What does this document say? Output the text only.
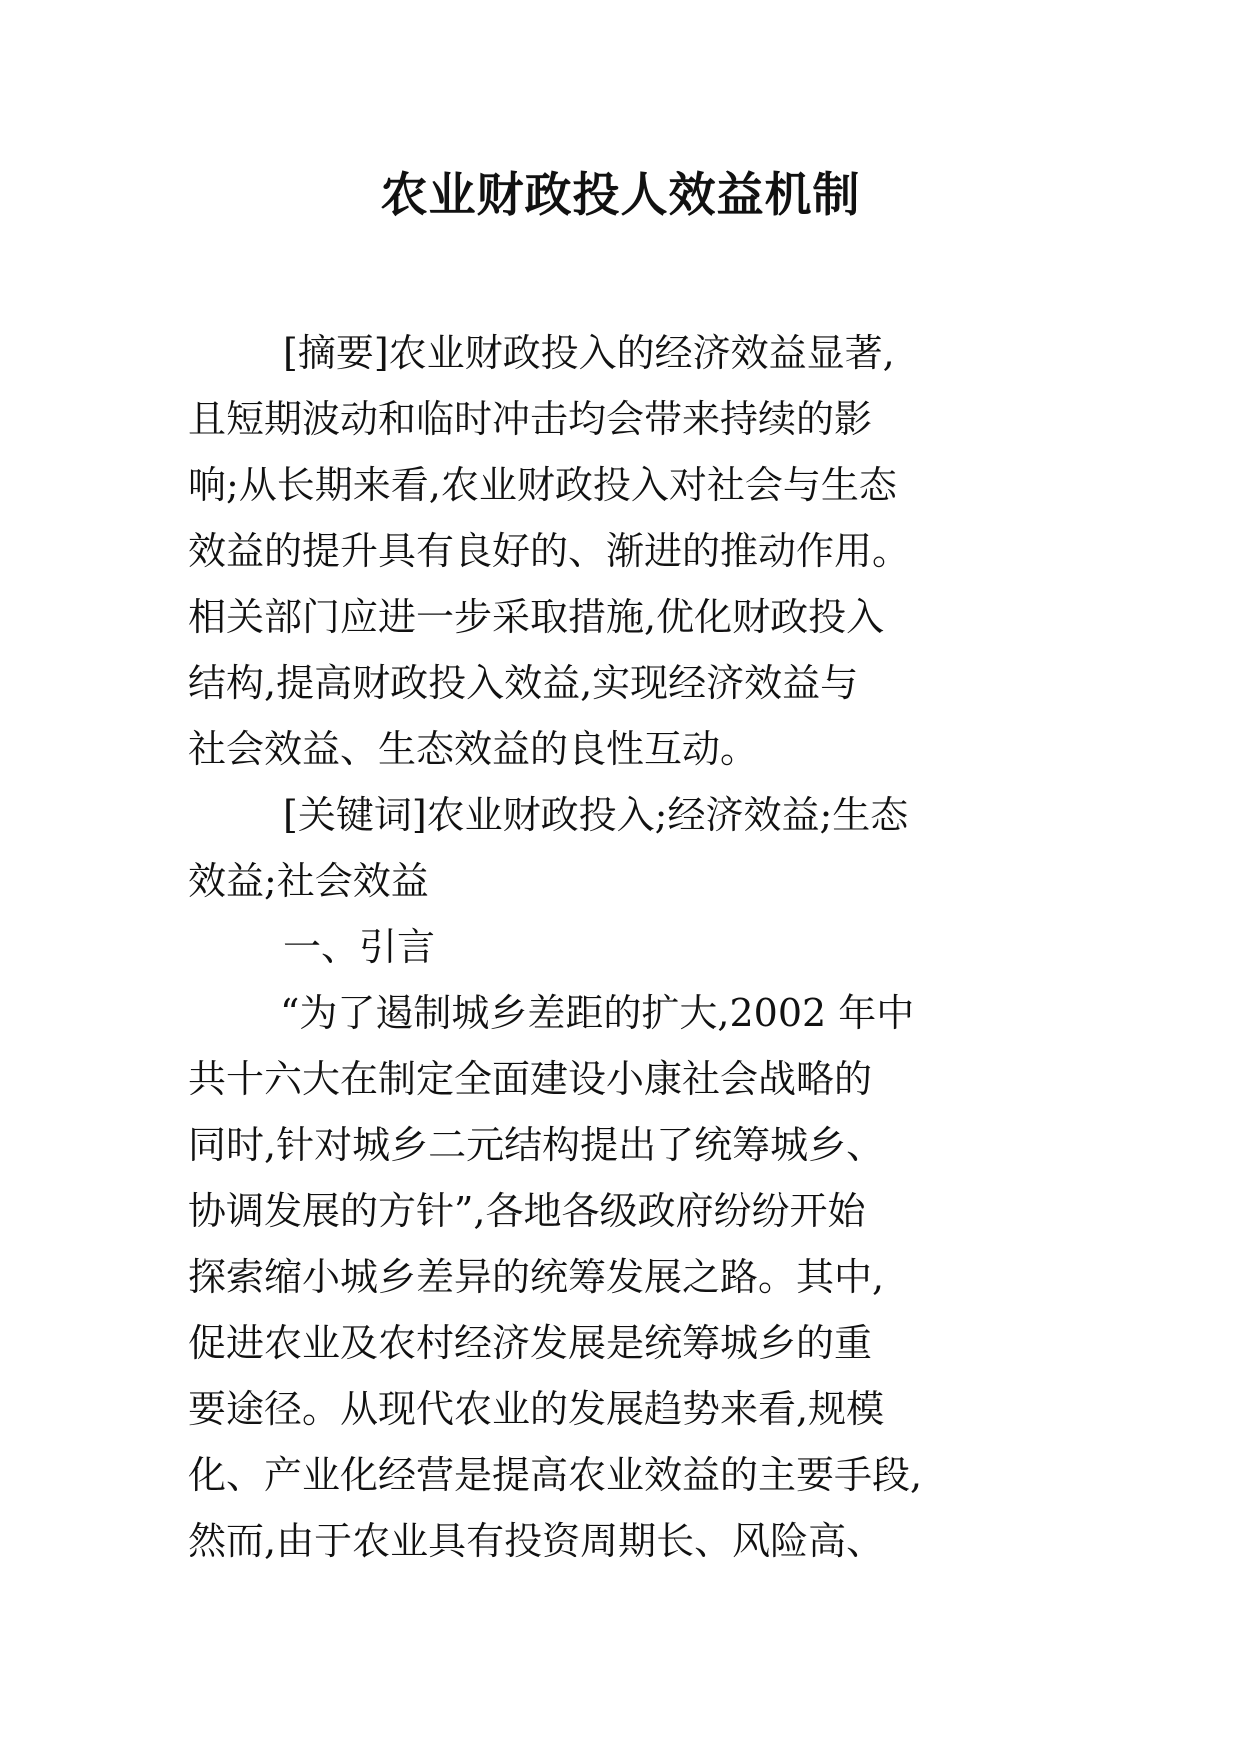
农业财政投人效益机制
[摘要]农业财政投入的经济效益显著,
且短期波动和临时冲击均会带来持续的影
响;从长期来看,农业财政投入对社会与生态
效益的提升具有良好的、渐进的推动作用。
相关部门应进一步采取措施,优化财政投入
结构,提高财政投入效益,实现经济效益与
社会效益、生态效益的良性互动。
[关键词]农业财政投入;经济效益;生态
效益;社会效益
一、引言
“为了遏制城乡差距的扩大,2002 年中
共十六大在制定全面建设小康社会战略的
同时,针对城乡二元结构提出了统筹城乡、
协调发展的方针”,各地各级政府纷纷开始
探索缩小城乡差异的统筹发展之路。其中,
促进农业及农村经济发展是统筹城乡的重
要途径。从现代农业的发展趋势来看,规模
化、产业化经营是提高农业效益的主要手段,
然而,由于农业具有投资周期长、风险高、
